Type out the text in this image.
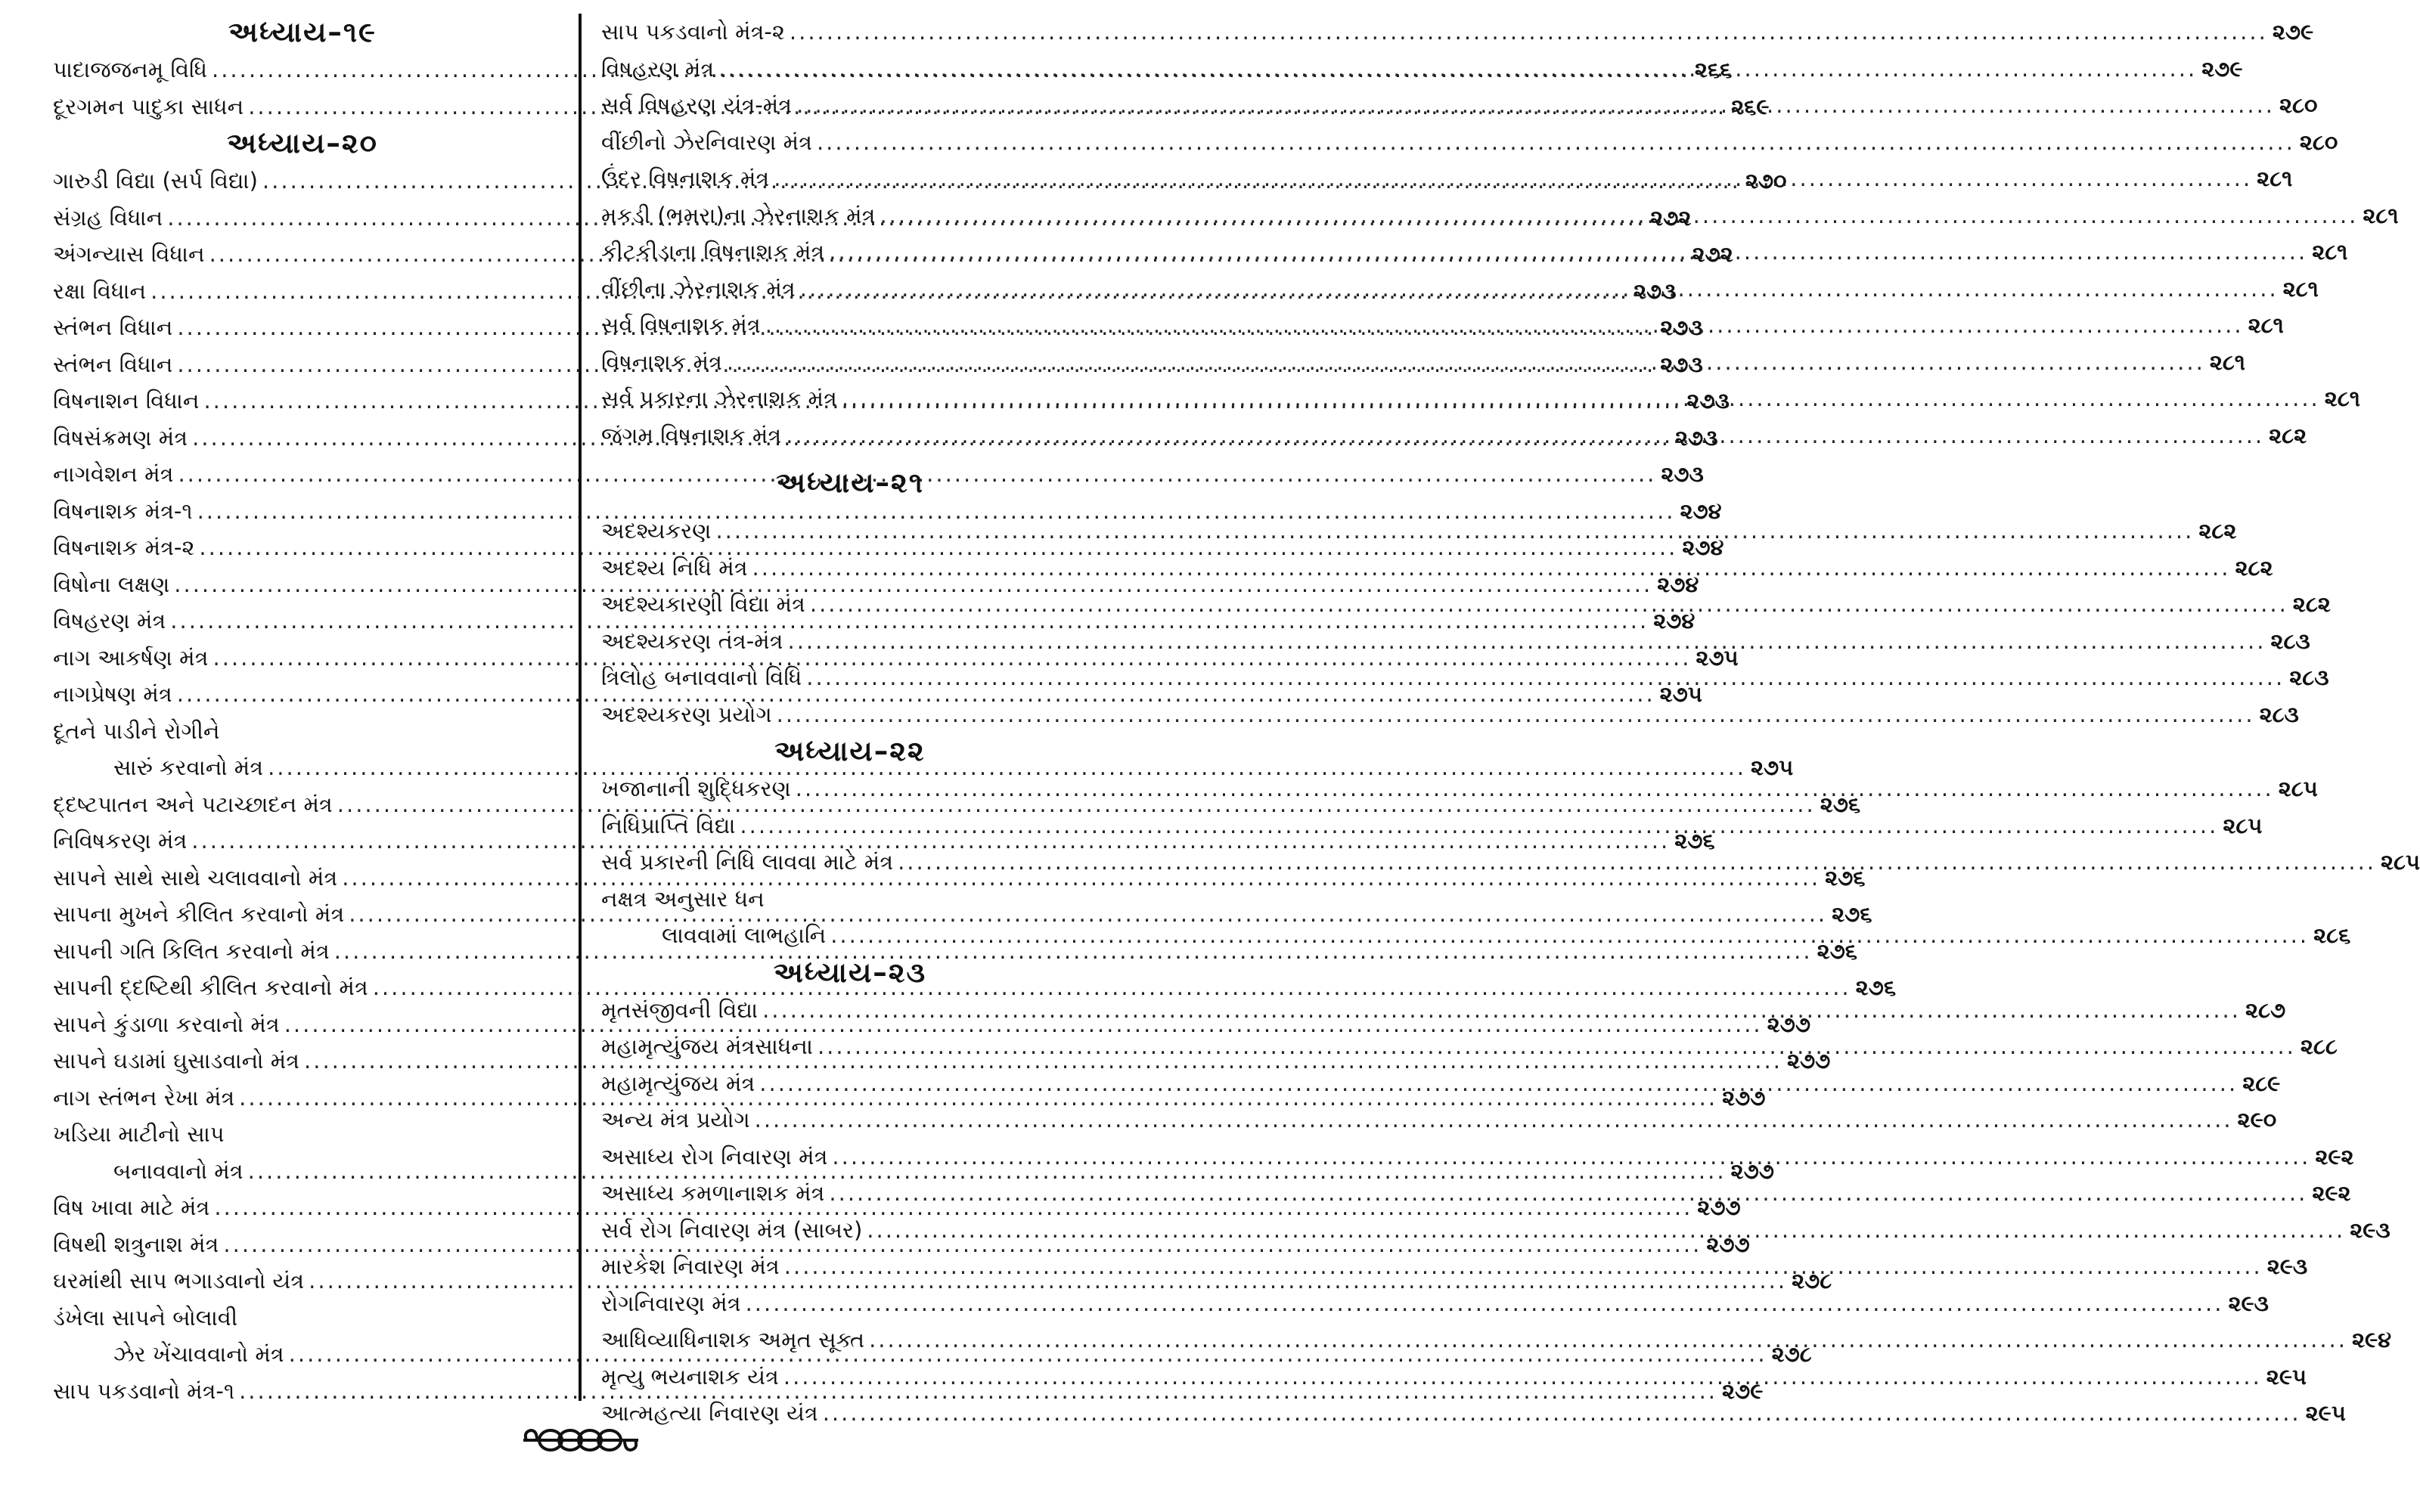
અધ્યાય–૧૯
પાદાજજનમૂ વિધિ .....	૨૬૬
દૂરગમન પાદુકા સાધન .....	૨૬૯
અધ્યાય–૨૦
ગારુડી વિદ્યા (સર્પ વિદ્યા) .....	૨૭૦
સંગ્રહ વિધાન .....	૨૭૨
અંગન્યાસ વિધાન .....	૨૭૨
રક્ષા વિધાન .....	૨૭૩
સ્તંભન વિધાન .....	૨૭૩
સ્તંભન વિધાન .....	૨૭૩
વિષનાશન વિધાન .....	૨૭૩
વિષસંક્રમણ મંત્ર .....	૨૭૩
નાગવેશન મંત્ર .....	૨૭૩
વિષનાશક મંત્ર-૧ .....	૨૭૪
વિષનાશક મંત્ર-૨ .....	૨૭૪
વિષોના લક્ષણ .....	૨૭૪
વિષહરણ મંત્ર .....	૨૭૪
નાગ આકર્ષણ મંત્ર .....	૨૭૫
નાગપ્રેષણ મંત્ર .....	૨૭૫
દૂતને પાડીને રોગીને
સારું કરવાનો મંત્ર .....	૨૭૫
દ્દષ્ટપાતન અને પટાચ્છાદન મંત્ર .....	૨૭૬
નિવિષકરણ મંત્ર .....	૨૭૬
સાપને સાથે સાથે ચલાવવાનો મંત્ર .....	૨૭૬
સાપના મુખને કીલિત કરવાનો મંત્ર .....	૨૭૬
સાપની ગતિ કિલિત કરવાનો મંત્ર .....	૨૭૬
સાપની દ્દષ્ટિથી કીલિત કરવાનો મંત્ર .....	૨૭૬
સાપને કુંડાળા કરવાનો મંત્ર .....	૨૭૭
સાપને ઘડામાં ઘુસાડવાનો મંત્ર .....	૨૭૭
નાગ સ્તંભન રેખા મંત્ર .....	૨૭૭
ખડિયા માટીનો સાપ
બનાવવાનો મંત્ર .....	૨૭૭
વિષ ખાવા માટે મંત્ર .....	૨૭૭
વિષથી શત્રુનાશ મંત્ર .....	૨૭૭
ઘરમાંથી સાપ ભગાડવાનો યંત્ર .....	૨૭૮
ડંખેલા સાપને બોલાવી
ઝેર ખેંચાવવાનો મંત્ર .....	૨૭૮
સાપ પકડવાનો મંત્ર-૧ .....	૨૭૯
સાપ પકડવાનો મંત્ર-૨ .....	૨૭૯
વિષહરણ મંત્ર .....	૨૭૯
સર્વ વિષહરણ યંત્ર-મંત્ર .....	૨૮૦
વીંછીનો ઝેરનિવારણ મંત્ર .....	૨૮૦
ઉંદર વિષનાશક મંત્ર .....	૨૮૧
મકડી (ભમરા)ના ઝેરનાશક મંત્ર .....	૨૮૧
કીટકીડાના વિષનાશક મંત્ર .....	૨૮૧
વીંછીના ઝેરનાશક મંત્ર .....	૨૮૧
સર્વ વિષનાશક મંત્ર .....	૨૮૧
વિષનાશક મંત્ર .....	૨૮૧
સર્વ પ્રકારના ઝેરનાશક મંત્ર .....	૨૮૧
જંગમ વિષનાશક મંત્ર .....	૨૮૨
અધ્યાય–૨૧
અદશ્યકરણ .....	૨૮૨
અદશ્ય નિધિ મંત્ર .....	૨૮૨
અદશ્યકારણી વિદ્યા મંત્ર .....	૨૮૨
અદશ્યકરણ તંત્ર-મંત્ર .....	૨૮૩
ત્રિલોહ બનાવવાનો વિધિ .....	૨૮૩
અદશ્યકરણ પ્રયોગ .....	૨૮૩
અધ્યાય–૨૨
ખજાનાની શુદ્ધિકરણ .....	૨૮૫
નિધિપ્રાપ્તિ વિદ્યા .....	૨૮૫
સર્વ પ્રકારની નિધિ લાવવા માટે મંત્ર .....	૨૮૫
નક્ષત્ર અનુસાર ધન
લાવવામાં લાભહાનિ .....	૨૮૬
અધ્યાય–૨૩
મૃતસંજીવની વિદ્યા .....	૨૮૭
મહામૃત્યુંજય મંત્રસાધના .....	૨૮૮
મહામૃત્યુંજય મંત્ર .....	૨૮૯
અન્ય મંત્ર પ્રયોગ .....	૨૯૦
અસાધ્ય રોગ નિવારણ મંત્ર .....	૨૯૨
અસાધ્ય કમળાનાશક મંત્ર .....	૨૯૨
સર્વ રોગ નિવારણ મંત્ર (સાબર) .....	૨૯૩
મારકેશ નિવારણ મંત્ર .....	૨૯૩
રોગનિવારણ મંત્ર .....	૨૯૩
આધિવ્યાધિનાશક અમૃત સૂક્ત .....	૨૯૪
મૃત્યુ ભયનાશક યંત્ર .....	૨૯૫
આત્મહત્યા નિવારણ યંત્ર .....	૨૯૫
